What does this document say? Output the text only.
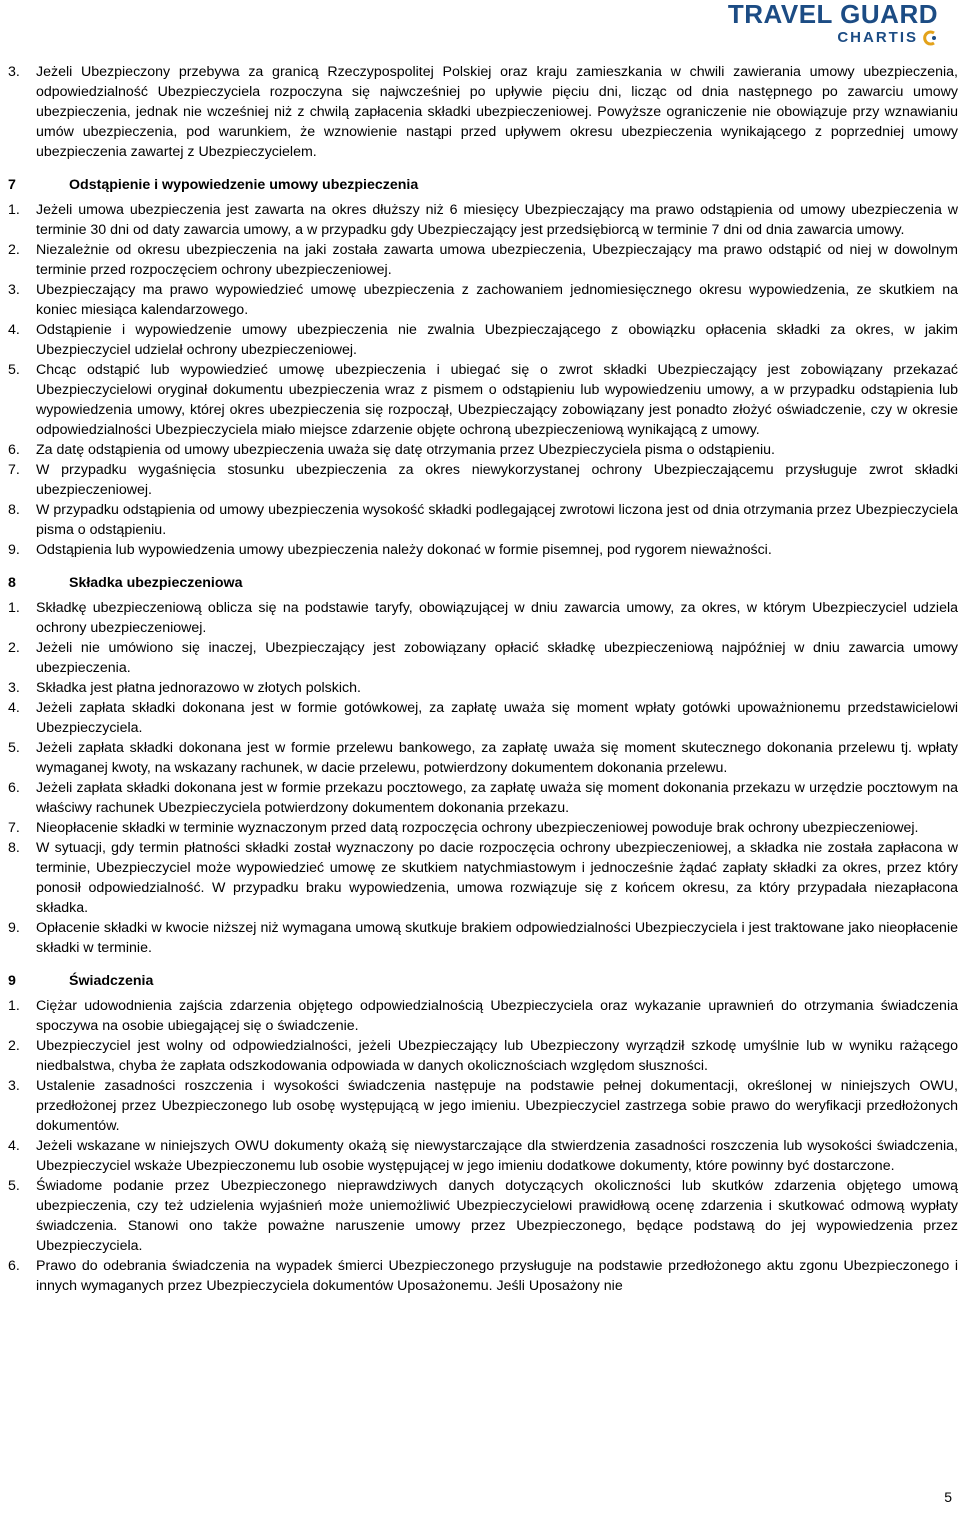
TRAVEL GUARD
CHARTIS
3.	Jeżeli Ubezpieczony przebywa za granicą Rzeczypospolitej Polskiej oraz kraju zamieszkania w chwili zawierania umowy ubezpieczenia, odpowiedzialność Ubezpieczyciela rozpoczyna się najwcześniej po upływie pięciu dni, licząc od dnia następnego po zawarciu umowy ubezpieczenia, jednak nie wcześniej niż z chwilą zapłacenia składki ubezpieczeniowej. Powyższe ograniczenie nie obowiązuje przy wznawianiu umów ubezpieczenia, pod warunkiem, że wznowienie nastąpi przed upływem okresu ubezpieczenia wynikającego z poprzedniej umowy ubezpieczenia zawartej z Ubezpieczycielem.
7	Odstąpienie i wypowiedzenie umowy ubezpieczenia
1.	Jeżeli umowa ubezpieczenia jest zawarta na okres dłuższy niż 6 miesięcy Ubezpieczający ma prawo odstąpienia od umowy ubezpieczenia w terminie 30 dni od daty zawarcia umowy, a w przypadku gdy Ubezpieczający jest przedsiębiorcą w terminie 7 dni od dnia zawarcia umowy.
2.	Niezależnie od okresu ubezpieczenia na jaki została zawarta umowa ubezpieczenia, Ubezpieczający ma prawo odstąpić od niej w dowolnym terminie przed rozpoczęciem ochrony ubezpieczeniowej.
3.	Ubezpieczający ma prawo wypowiedzieć umowę ubezpieczenia z zachowaniem jednomiesięcznego okresu wypowiedzenia, ze skutkiem na koniec miesiąca kalendarzowego.
4.	Odstąpienie i wypowiedzenie umowy ubezpieczenia nie zwalnia Ubezpieczającego z obowiązku opłacenia składki za okres, w jakim Ubezpieczyciel udzielał ochrony ubezpieczeniowej.
5.	Chcąc odstąpić lub wypowiedzieć umowę ubezpieczenia i ubiegać się o zwrot składki Ubezpieczający jest zobowiązany przekazać Ubezpieczycielowi oryginał dokumentu ubezpieczenia wraz z pismem o odstąpieniu lub wypowiedzeniu umowy, a w przypadku odstąpienia lub wypowiedzenia umowy, której okres ubezpieczenia się rozpoczął, Ubezpieczający zobowiązany jest ponadto złożyć oświadczenie, czy w okresie odpowiedzialności Ubezpieczyciela miało miejsce zdarzenie objęte ochroną ubezpieczeniową wynikającą z umowy.
6.	Za datę odstąpienia od umowy ubezpieczenia uważa się datę otrzymania przez Ubezpieczyciela pisma o odstąpieniu.
7.	W przypadku wygaśnięcia stosunku ubezpieczenia za okres niewykorzystanej ochrony Ubezpieczającemu przysługuje zwrot składki ubezpieczeniowej.
8.	W przypadku odstąpienia od umowy ubezpieczenia wysokość składki podlegającej zwrotowi liczona jest od dnia otrzymania przez Ubezpieczyciela pisma o odstąpieniu.
9.	Odstąpienia lub wypowiedzenia umowy ubezpieczenia należy dokonać w formie pisemnej, pod rygorem nieważności.
8	Składka ubezpieczeniowa
1.	Składkę ubezpieczeniową oblicza się na podstawie taryfy, obowiązującej w dniu zawarcia umowy, za okres, w którym Ubezpieczyciel udziela ochrony ubezpieczeniowej.
2.	Jeżeli nie umówiono się inaczej, Ubezpieczający jest zobowiązany opłacić składkę ubezpieczeniową najpóźniej w dniu zawarcia umowy ubezpieczenia.
3.	Składka jest płatna jednorazowo w złotych polskich.
4.	Jeżeli zapłata składki dokonana jest w formie gotówkowej, za zapłatę uważa się moment wpłaty gotówki upoważnionemu przedstawicielowi Ubezpieczyciela.
5.	Jeżeli zapłata składki dokonana jest w formie przelewu bankowego, za zapłatę uważa się moment skutecznego dokonania przelewu tj. wpłaty wymaganej kwoty, na wskazany rachunek, w dacie przelewu, potwierdzony dokumentem dokonania przelewu.
6.	Jeżeli zapłata składki dokonana jest w formie przekazu pocztowego, za zapłatę uważa się moment dokonania przekazu w urzędzie pocztowym na właściwy rachunek Ubezpieczyciela potwierdzony dokumentem dokonania przekazu.
7.	Nieopłacenie składki w terminie wyznaczonym przed datą rozpoczęcia ochrony ubezpieczeniowej powoduje brak ochrony ubezpieczeniowej.
8.	W sytuacji, gdy termin płatności składki został wyznaczony po dacie rozpoczęcia ochrony ubezpieczeniowej, a składka nie została zapłacona w terminie, Ubezpieczyciel może wypowiedzieć umowę ze skutkiem natychmiastowym i jednocześnie żądać zapłaty składki za okres, przez który ponosił odpowiedzialność. W przypadku braku wypowiedzenia, umowa rozwiązuje się z końcem okresu, za który przypadała niezapłacona składka.
9.	Opłacenie składki w kwocie niższej niż wymagana umową skutkuje brakiem odpowiedzialności Ubezpieczyciela i jest traktowane jako nieopłacenie składki w terminie.
9	Świadczenia
1.	Ciężar udowodnienia zajścia zdarzenia objętego odpowiedzialnością Ubezpieczyciela oraz wykazanie uprawnień do otrzymania świadczenia spoczywa na osobie ubiegającej się o świadczenie.
2.	Ubezpieczyciel jest wolny od odpowiedzialności, jeżeli Ubezpieczający lub Ubezpieczony wyrządził szkodę umyślnie lub w wyniku rażącego niedbalstwa, chyba że zapłata odszkodowania odpowiada w danych okolicznościach względom słuszności.
3.	Ustalenie zasadności roszczenia i wysokości świadczenia następuje na podstawie pełnej dokumentacji, określonej w niniejszych OWU, przedłożonej przez Ubezpieczonego lub osobę występującą w jego imieniu. Ubezpieczyciel zastrzega sobie prawo do weryfikacji przedłożonych dokumentów.
4.	Jeżeli wskazane w niniejszych OWU dokumenty okażą się niewystarczające dla stwierdzenia zasadności roszczenia lub wysokości świadczenia, Ubezpieczyciel wskaże Ubezpieczonemu lub osobie występującej w jego imieniu dodatkowe dokumenty, które powinny być dostarczone.
5.	Świadome podanie przez Ubezpieczonego nieprawdziwych danych dotyczących okoliczności lub skutków zdarzenia objętego umową ubezpieczenia, czy też udzielenia wyjaśnień może uniemożliwić Ubezpieczycielowi prawidłową ocenę zdarzenia i skutkować odmową wypłaty świadczenia. Stanowi ono także poważne naruszenie umowy przez Ubezpieczonego, będące podstawą do jej wypowiedzenia przez Ubezpieczyciela.
6.	Prawo do odebrania świadczenia na wypadek śmierci Ubezpieczonego przysługuje na podstawie przedłożonego aktu zgonu Ubezpieczonego i innych wymaganych przez Ubezpieczyciela dokumentów Uposażonemu. Jeśli Uposażony nie
5
